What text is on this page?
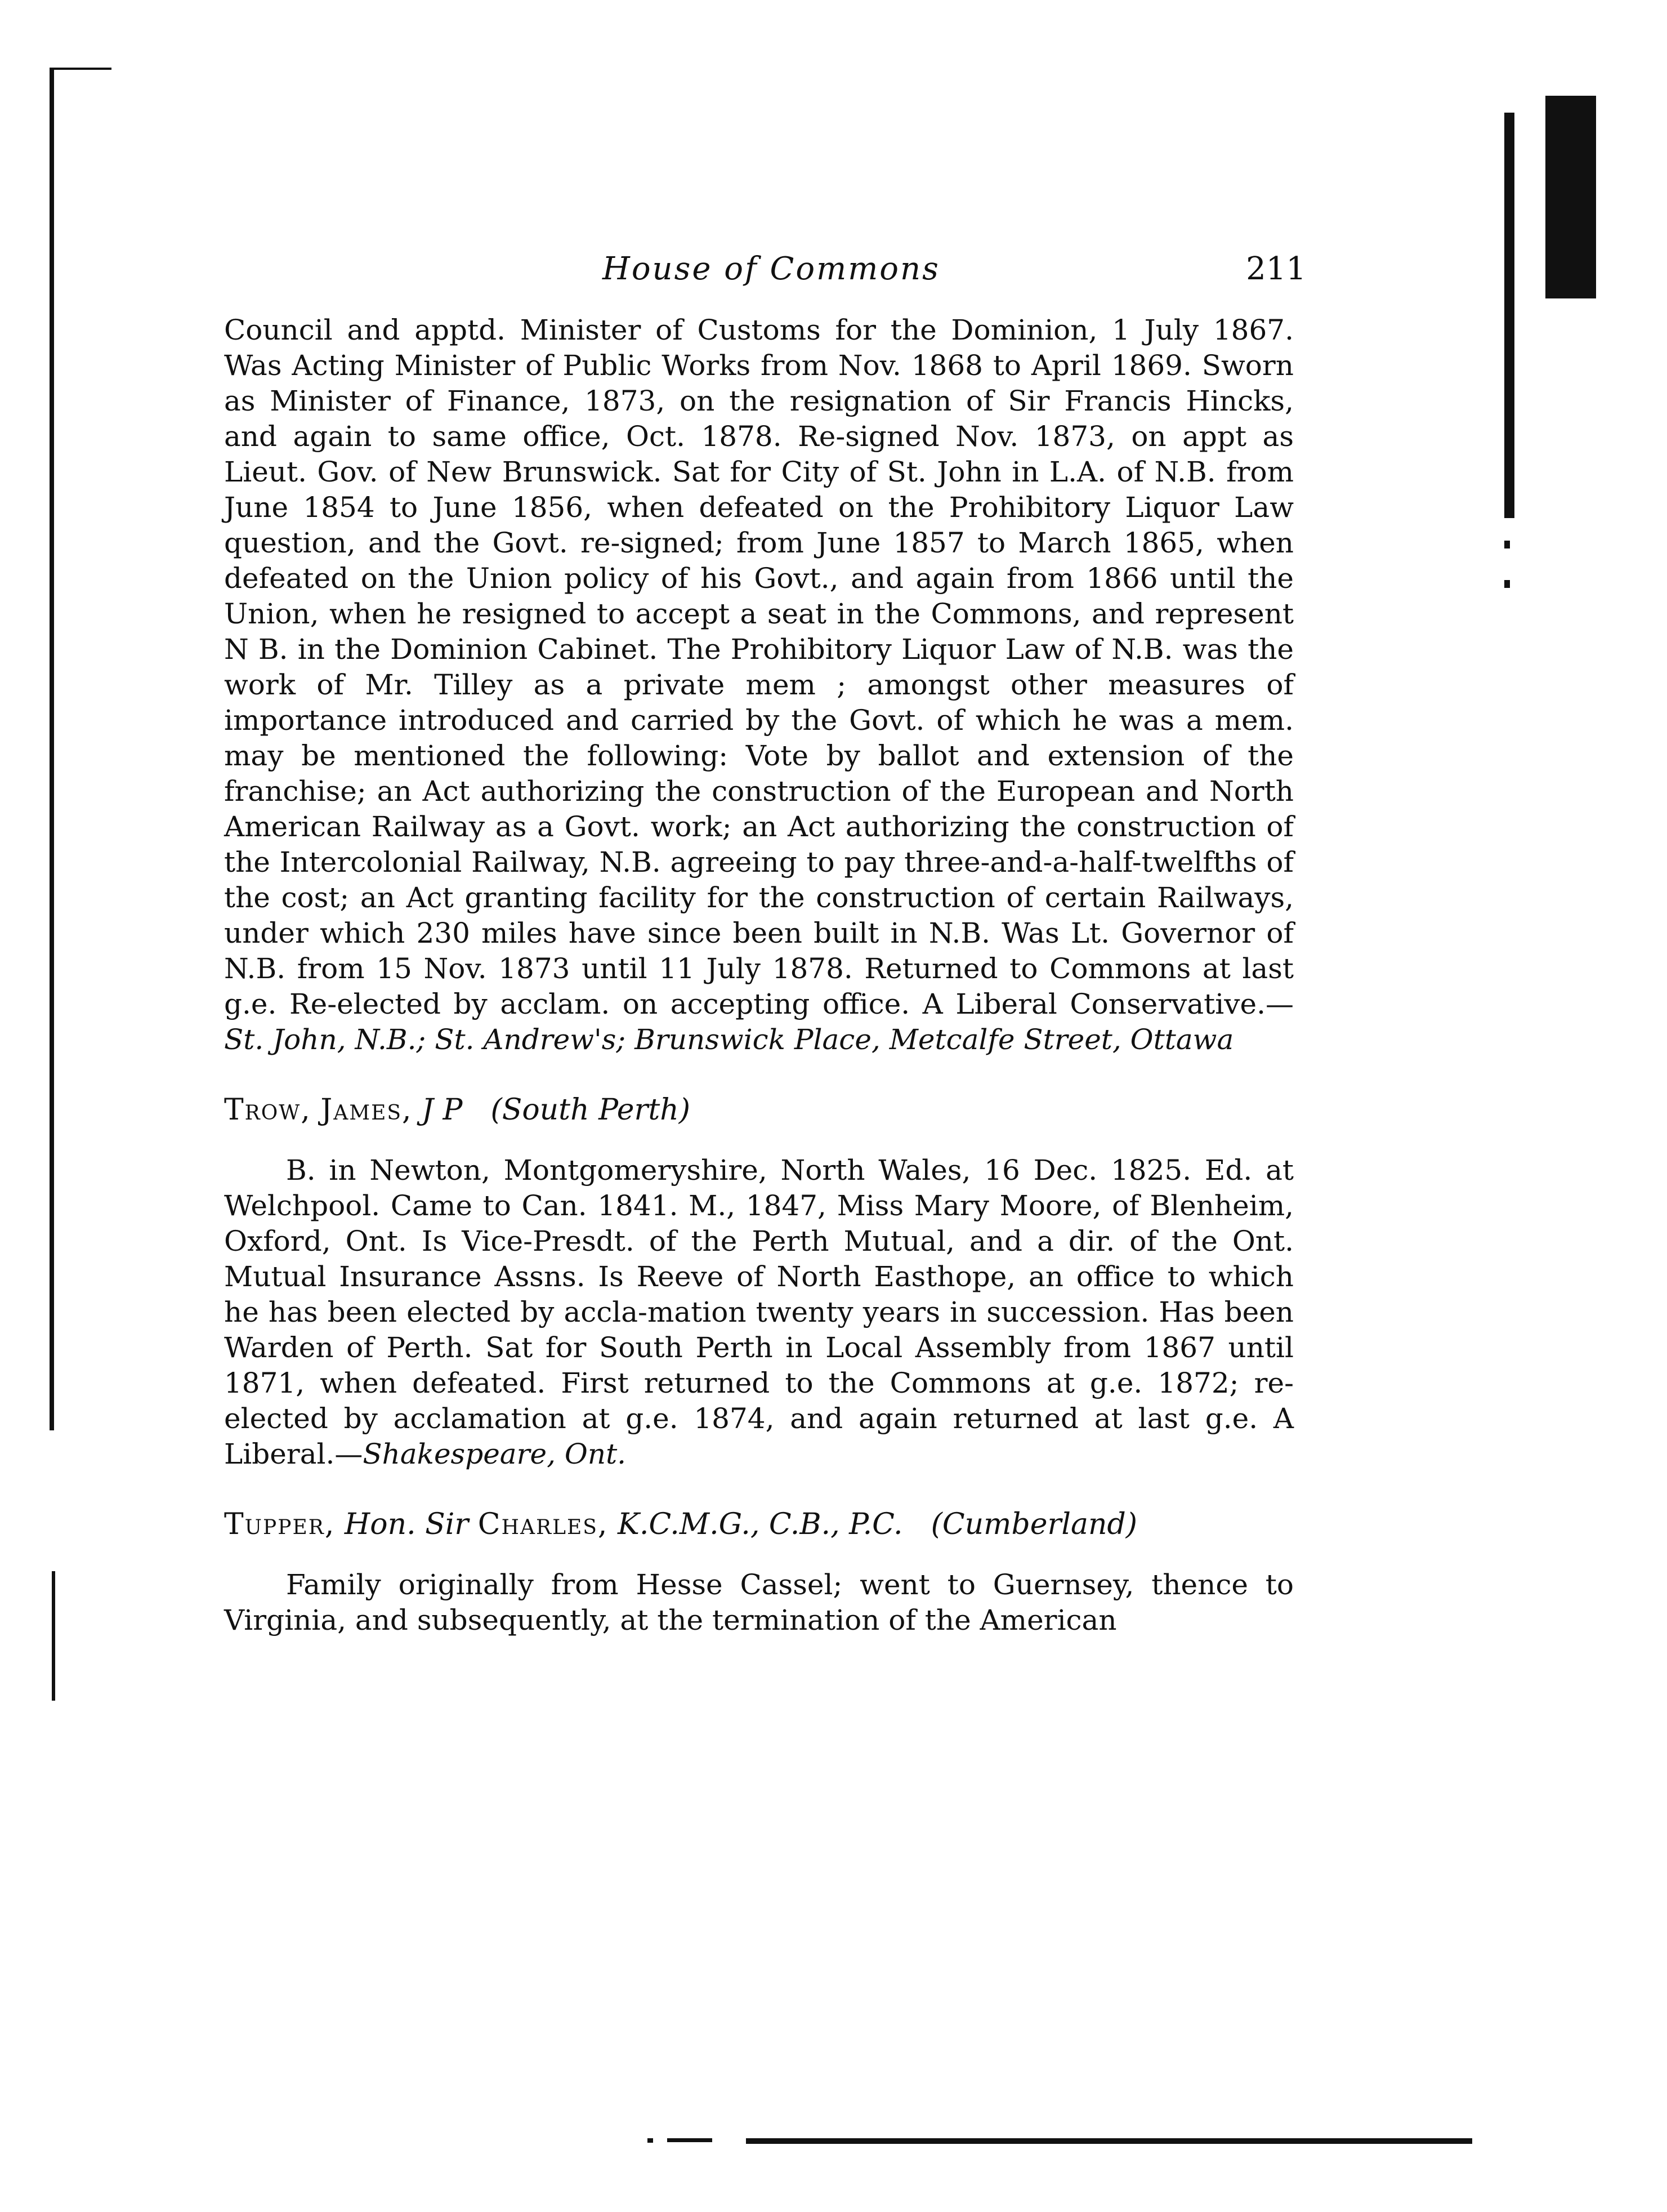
House of Commons	211

Council and apptd. Minister of Customs for the Dominion, 1 July 1867. Was Acting Minister of Public Works from Nov. 1868 to April 1869. Sworn as Minister of Finance, 1873, on the resignation of Sir Francis Hincks, and again to same office, Oct. 1878. Re-signed Nov. 1873, on appt as Lieut. Gov. of New Brunswick. Sat for City of St. John in L.A. of N.B. from June 1854 to June 1856, when defeated on the Prohibitory Liquor Law question, and the Govt. re-signed; from June 1857 to March 1865, when defeated on the Union policy of his Govt., and again from 1866 until the Union, when he resigned to accept a seat in the Commons, and represent N B. in the Dominion Cabinet. The Prohibitory Liquor Law of N.B. was the work of Mr. Tilley as a private mem ; amongst other measures of importance introduced and carried by the Govt. of which he was a mem. may be mentioned the following: Vote by ballot and extension of the franchise; an Act authorizing the construction of the European and North American Railway as a Govt. work; an Act authorizing the construction of the Intercolonial Railway, N.B. agreeing to pay three-and-a-half-twelfths of the cost; an Act granting facility for the construction of certain Railways, under which 230 miles have since been built in N.B. Was Lt. Governor of N.B. from 15 Nov. 1873 until 11 July 1878. Returned to Commons at last g.e. Re-elected by acclam. on accepting office. A Liberal Conservative.—St. John, N.B.; St. Andrew's; Brunswick Place, Metcalfe Street, Ottawa

Trow, James, J P (South Perth)

B. in Newton, Montgomeryshire, North Wales, 16 Dec. 1825. Ed. at Welchpool. Came to Can. 1841. M., 1847, Miss Mary Moore, of Blenheim, Oxford, Ont. Is Vice-Presdt. of the Perth Mutual, and a dir. of the Ont. Mutual Insurance Assns. Is Reeve of North Easthope, an office to which he has been elected by accla-mation twenty years in succession. Has been Warden of Perth. Sat for South Perth in Local Assembly from 1867 until 1871, when defeated. First returned to the Commons at g.e. 1872; re-elected by acclamation at g.e. 1874, and again returned at last g.e. A Liberal.—Shakespeare, Ont.

Tupper, Hon. Sir Charles, K.C.M.G., C.B., P.C. (Cumberland)

Family originally from Hesse Cassel; went to Guernsey, thence to Virginia, and subsequently, at the termination of the American
